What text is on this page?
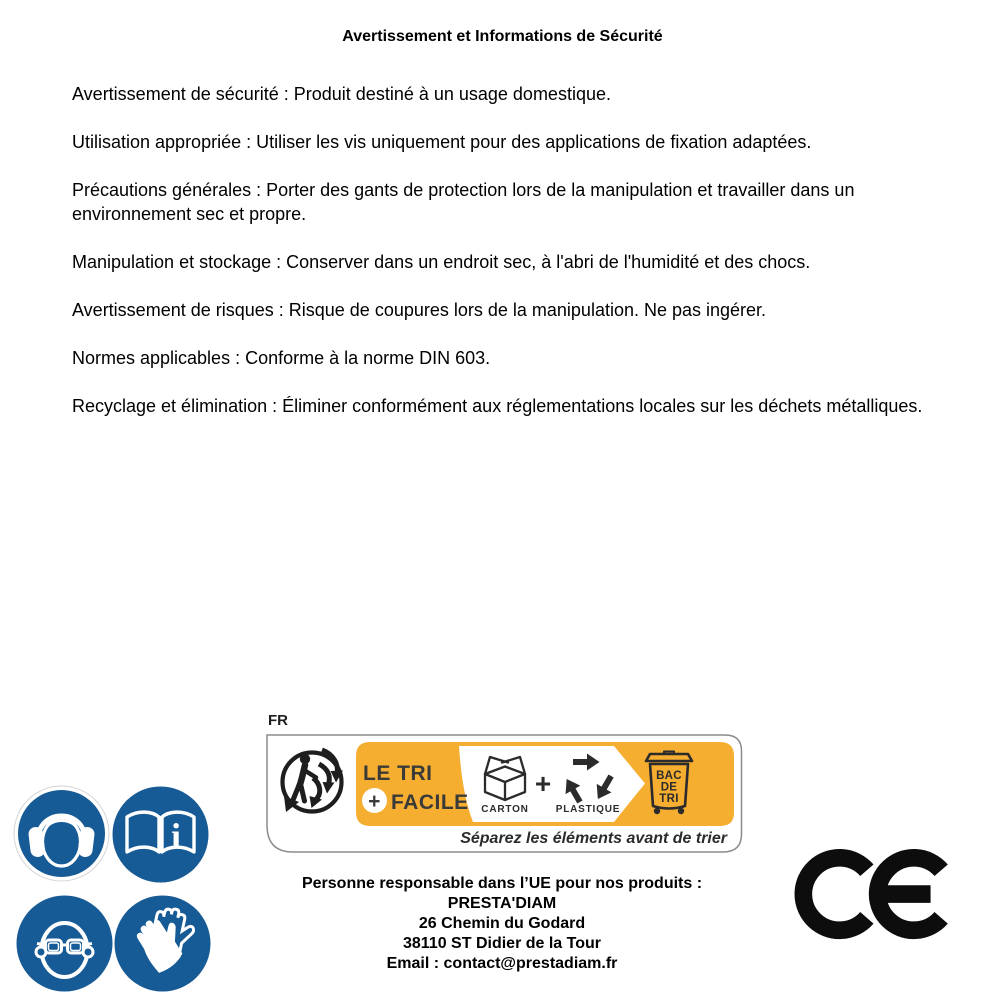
Avertissement et Informations de Sécurité

Avertissement de sécurité : Produit destiné à un usage domestique.

Utilisation appropriée : Utiliser les vis uniquement pour des applications de fixation adaptées.

Précautions générales : Porter des gants de protection lors de la manipulation et travailler dans un environnement sec et propre.

Manipulation et stockage : Conserver dans un endroit sec, à l'abri de l'humidité et des chocs.

Avertissement de risques : Risque de coupures lors de la manipulation. Ne pas ingérer.

Normes applicables : Conforme à la norme DIN 603.

Recyclage et élimination : Éliminer conformément aux réglementations locales sur les déchets métalliques.

i
FR
LE TRI
+ FACILE CARTON
+
PLASTIQUE
BAC
DE
TRI
Séparez les éléments avant de trier
Personne responsable dans l’UE pour nos produits :
PRESTA'DIAM
26 Chemin du Godard
38110 ST Didier de la Tour
Email : contact@prestadiam.fr
